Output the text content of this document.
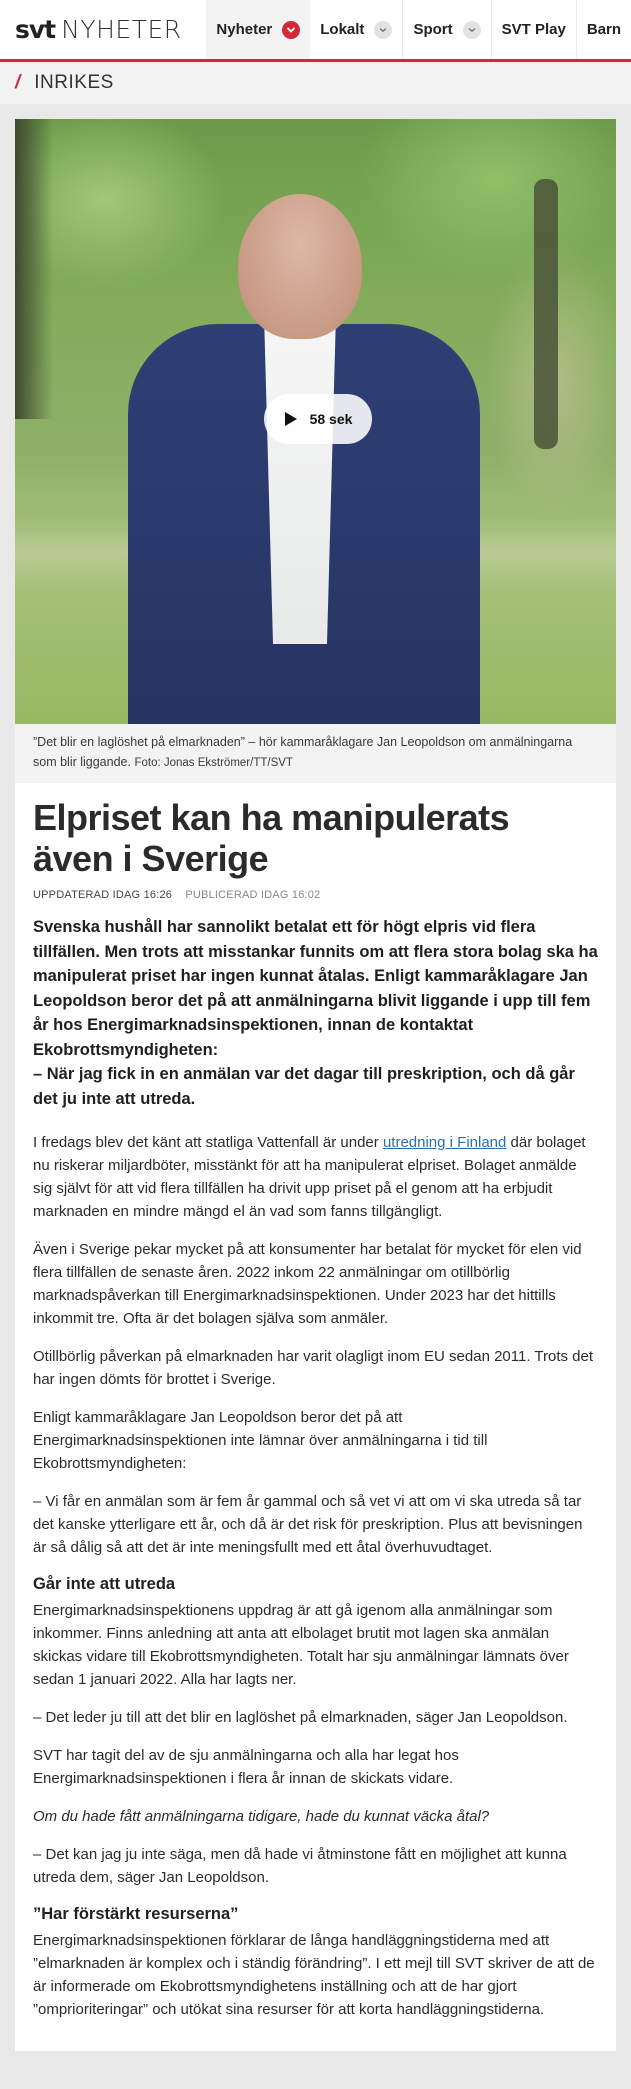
svt NYHETER Nyheter	Lokalt	Sport	SVT Play Barn
/ INRIKES
58 sek
”Det blir en laglöshet på elmarknaden” – hör kammaråklagare Jan Leopoldson om anmälningarna som blir liggande. Foto: Jonas Ekströmer/TT/SVT
Elpriset kan ha manipulerats även i Sverige
UPPDATERAD IDAG 16:26 PUBLICERAD IDAG 16:02

Svenska hushåll har sannolikt betalat ett för högt elpris vid flera tillfällen. Men trots att misstankar funnits om att flera stora bolag ska ha manipulerat priset har ingen kunnat åtalas. Enligt kammaråklagare Jan Leopoldson beror det på att anmälningarna blivit liggande i upp till fem år hos Energimarknadsinspektionen, innan de kontaktat Ekobrottsmyndigheten:

– När jag fick in en anmälan var det dagar till preskription, och då går det ju inte att utreda.

I fredags blev det känt att statliga Vattenfall är under utredning i Finland där bolaget nu riskerar miljardböter, misstänkt för att ha manipulerat elpriset. Bolaget anmälde sig självt för att vid flera tillfällen ha drivit upp priset på el genom att ha erbjudit marknaden en mindre mängd el än vad som fanns tillgängligt.

Även i Sverige pekar mycket på att konsumenter har betalat för mycket för elen vid flera tillfällen de senaste åren. 2022 inkom 22 anmälningar om otillbörlig marknadspåverkan till Energimarknadsinspektionen. Under 2023 har det hittills inkommit tre. Ofta är det bolagen själva som anmäler.

Otillbörlig påverkan på elmarknaden har varit olagligt inom EU sedan 2011. Trots det har ingen dömts för brottet i Sverige.

Enligt kammaråklagare Jan Leopoldson beror det på att Energimarknadsinspektionen inte lämnar över anmälningarna i tid till Ekobrottsmyndigheten:

– Vi får en anmälan som är fem år gammal och så vet vi att om vi ska utreda så tar det kanske ytterligare ett år, och då är det risk för preskription. Plus att bevisningen är så dålig så att det är inte meningsfullt med ett åtal överhuvudtaget.

Går inte att utreda

Energimarknadsinspektionens uppdrag är att gå igenom alla anmälningar som inkommer. Finns anledning att anta att elbolaget brutit mot lagen ska anmälan skickas vidare till Ekobrottsmyndigheten. Totalt har sju anmälningar lämnats över sedan 1 januari 2022. Alla har lagts ner.

– Det leder ju till att det blir en laglöshet på elmarknaden, säger Jan Leopoldson.

SVT har tagit del av de sju anmälningarna och alla har legat hos Energimarknadsinspektionen i flera år innan de skickats vidare.

Om du hade fått anmälningarna tidigare, hade du kunnat väcka åtal?

– Det kan jag ju inte säga, men då hade vi åtminstone fått en möjlighet att kunna utreda dem, säger Jan Leopoldson.

”Har förstärkt resurserna”

Energimarknadsinspektionen förklarar de långa handläggningstiderna med att ”elmarknaden är komplex och i ständig förändring”. I ett mejl till SVT skriver de att de är informerade om Ekobrottsmyndighetens inställning och att de har gjort ”omprioriteringar” och utökat sina resurser för att korta handläggningstiderna.
